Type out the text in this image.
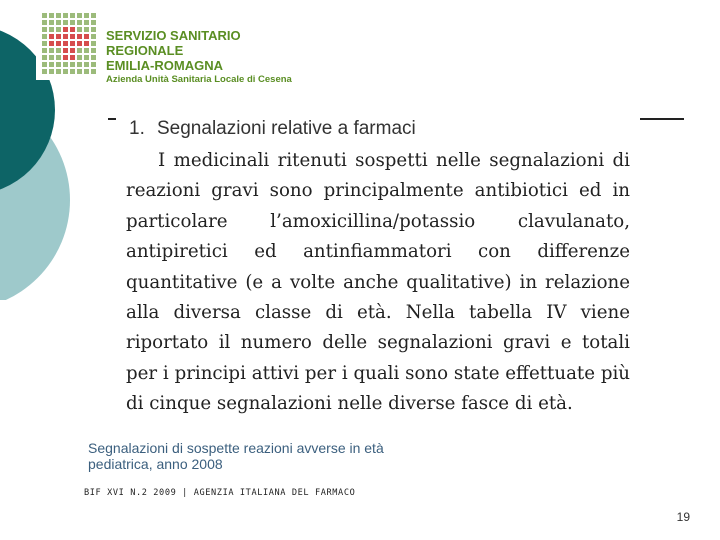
SERVIZIO SANITARIO REGIONALE
EMILIA-ROMAGNA
Azienda Unità Sanitaria Locale di Cesena
1. Segnalazioni relative a farmaci

I medicinali ritenuti sospetti nelle segnalazioni di reazioni gravi sono principalmente antibiotici ed in particolare l’amoxicillina/potassio clavulanato, antipiretici ed antinfiammatori con differenze quantitative (e a volte anche qualitative) in relazione alla diversa classe di età. Nella tabella IV viene riportato il numero delle segnalazioni gravi e totali per i principi attivi per i quali sono state effettuate più di cinque segnalazioni nelle diverse fasce di età.

Segnalazioni di sospette reazioni avverse in età pediatrica, anno 2008
BIF XVI N.2 2009 | AGENZIA ITALIANA DEL FARMACO
19
